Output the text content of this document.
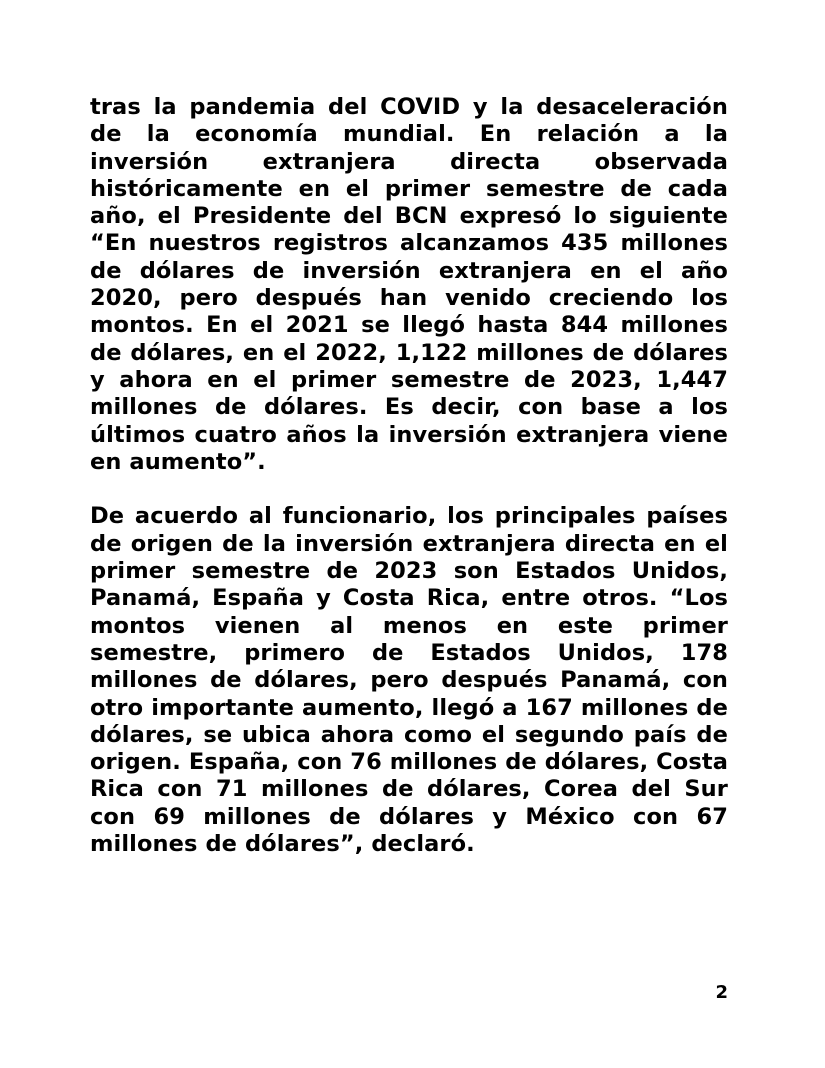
tras la pandemia del COVID y la desaceleración de la economía mundial. En relación a la inversión extranjera directa observada históricamente en el primer semestre de cada año, el Presidente del BCN expresó lo siguiente “En nuestros registros alcanzamos 435 millones de dólares de inversión extranjera en el año 2020, pero después han venido creciendo los montos. En el 2021 se llegó hasta 844 millones de dólares, en el 2022, 1,122 millones de dólares y ahora en el primer semestre de 2023, 1,447 millones de dólares. Es decir, con base a los últimos cuatro años la inversión extranjera viene en aumento”.

De acuerdo al funcionario, los principales países de origen de la inversión extranjera directa en el primer semestre de 2023 son Estados Unidos, Panamá, España y Costa Rica, entre otros. “Los montos vienen al menos en este primer semestre, primero de Estados Unidos, 178 millones de dólares, pero después Panamá, con otro importante aumento, llegó a 167 millones de dólares, se ubica ahora como el segundo país de origen. España, con 76 millones de dólares, Costa Rica con 71 millones de dólares, Corea del Sur con 69 millones de dólares y México con 67 millones de dólares”, declaró.

2
